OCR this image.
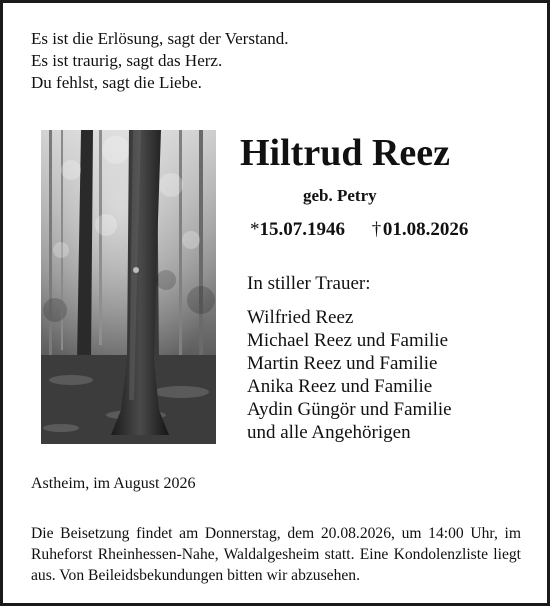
Es ist die Erlösung, sagt der Verstand.
Es ist traurig, sagt das Herz.
Du fehlst, sagt die Liebe.
Hiltrud Reez
geb. Petry
*15.07.1946 † 01.08.2026
In stiller Trauer:
Wilfried Reez
Michael Reez und Familie
Martin Reez und Familie
Anika Reez und Familie
Aydin Güngör und Familie
und alle Angehörigen
Astheim, im August 2026
Die Beisetzung findet am Donnerstag, dem 20.08.2026, um 14:00 Uhr, im Ruheforst Rheinhessen-Nahe, Waldalgesheim statt. Eine Kondolenzliste liegt aus. Von Beileidsbekundungen bitten wir abzusehen.
